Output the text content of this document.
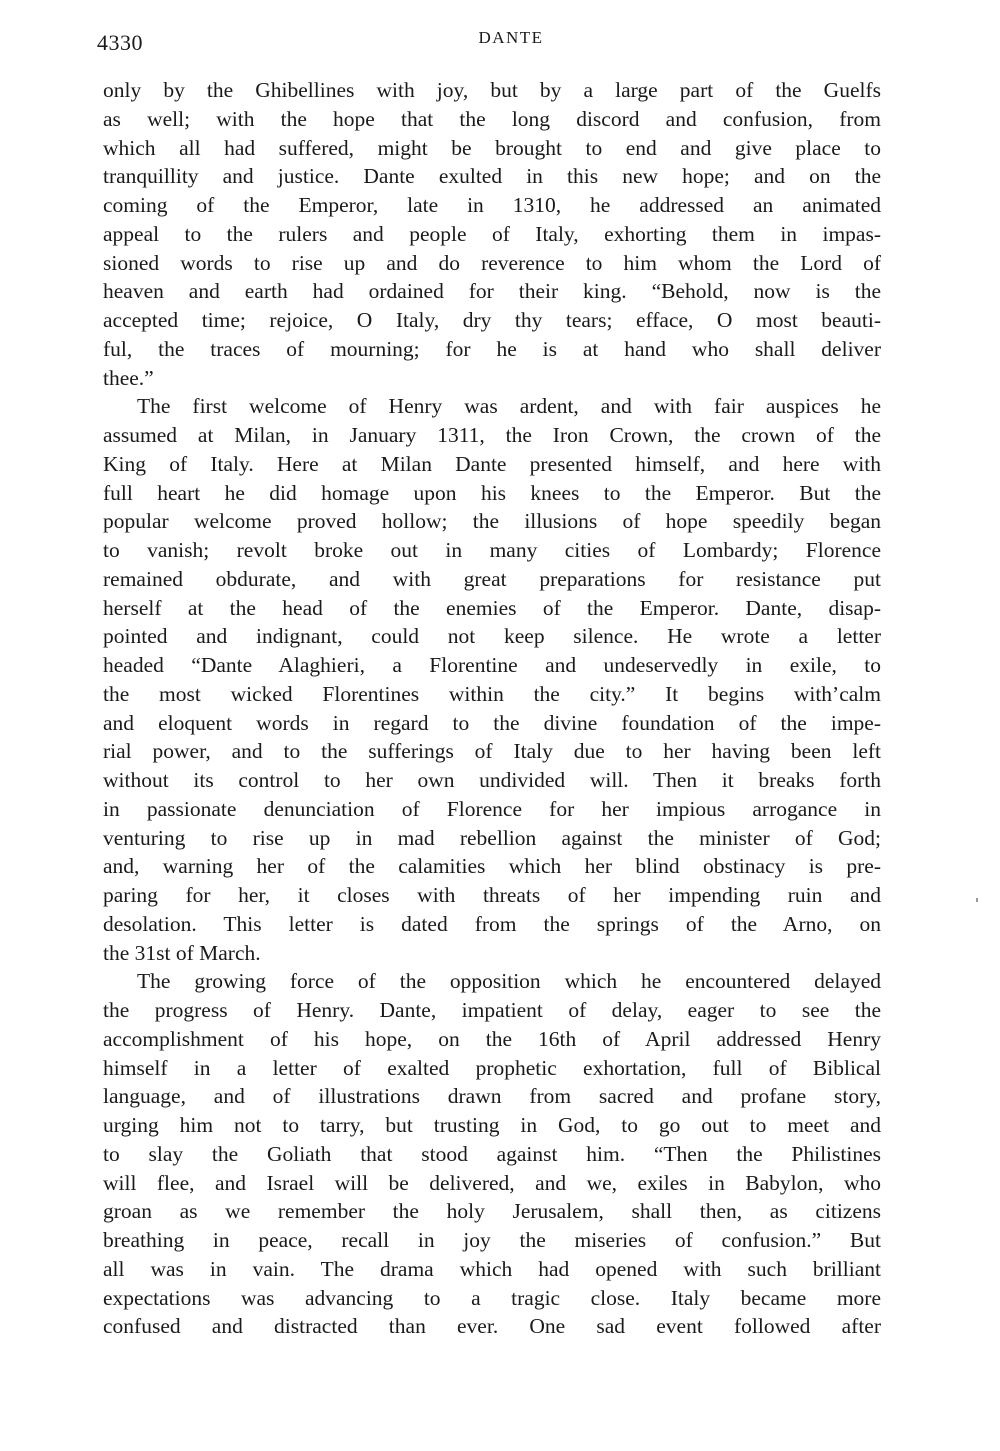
4330	DANTE
only by the Ghibellines with joy, but by a large part of the Guelfs
as well; with the hope that the long discord and confusion, from
which all had suffered, might be brought to end and give place to
tranquillity and justice. Dante exulted in this new hope; and on the
coming of the Emperor, late in 1310, he addressed an animated
appeal to the rulers and people of Italy, exhorting them in impas-
sioned words to rise up and do reverence to him whom the Lord of
heaven and earth had ordained for their king. “Behold, now is the
accepted time; rejoice, O Italy, dry thy tears; efface, O most beauti-
ful, the traces of mourning; for he is at hand who shall deliver
thee.”
The first welcome of Henry was ardent, and with fair auspices he
assumed at Milan, in January 1311, the Iron Crown, the crown of the
King of Italy. Here at Milan Dante presented himself, and here with
full heart he did homage upon his knees to the Emperor. But the
popular welcome proved hollow; the illusions of hope speedily began
to vanish; revolt broke out in many cities of Lombardy; Florence
remained obdurate, and with great preparations for resistance put
herself at the head of the enemies of the Emperor. Dante, disap-
pointed and indignant, could not keep silence. He wrote a letter
headed “Dante Alaghieri, a Florentine and undeservedly in exile, to
the most wicked Florentines within the city.” It begins with’calm
and eloquent words in regard to the divine foundation of the impe-
rial power, and to the sufferings of Italy due to her having been left
without its control to her own undivided will. Then it breaks forth
in passionate denunciation of Florence for her impious arrogance in
venturing to rise up in mad rebellion against the minister of God;
and, warning her of the calamities which her blind obstinacy is pre-
paring for her, it closes with threats of her impending ruin and
desolation. This letter is dated from the springs of the Arno, on
the 31st of March.
The growing force of the opposition which he encountered delayed
the progress of Henry. Dante, impatient of delay, eager to see the
accomplishment of his hope, on the 16th of April addressed Henry
himself in a letter of exalted prophetic exhortation, full of Biblical
language, and of illustrations drawn from sacred and profane story,
urging him not to tarry, but trusting in God, to go out to meet and
to slay the Goliath that stood against him. “Then the Philistines
will flee, and Israel will be delivered, and we, exiles in Babylon, who
groan as we remember the holy Jerusalem, shall then, as citizens
breathing in peace, recall in joy the miseries of confusion.” But
all was in vain. The drama which had opened with such brilliant
expectations was advancing to a tragic close. Italy became more
confused and distracted than ever. One sad event followed after
